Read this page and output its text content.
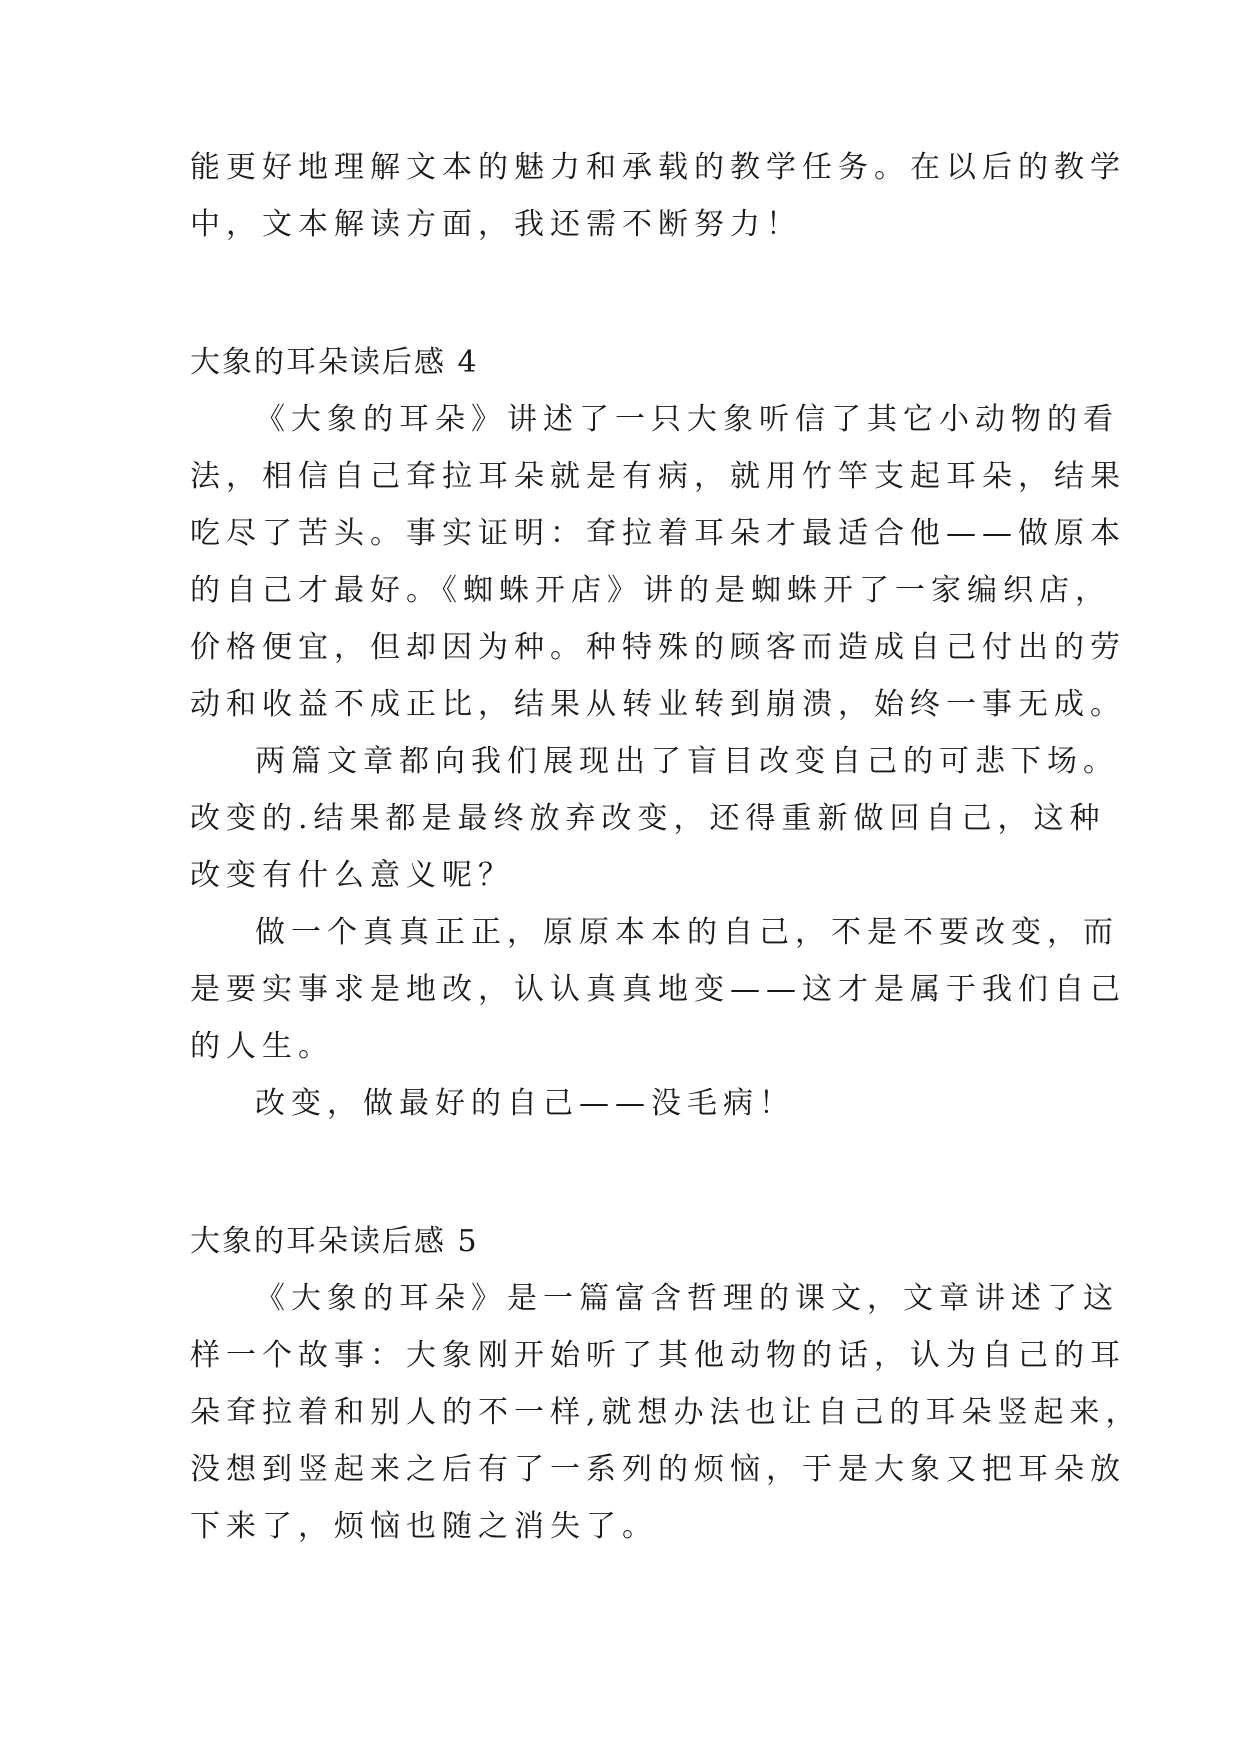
能更好地理解文本的魅力和承载的教学任务。在以后的教学
中，文本解读方面，我还需不断努力！
大象的耳朵读后感 4
《大象的耳朵》讲述了一只大象听信了其它小动物的看
法，相信自己耷拉耳朵就是有病，就用竹竿支起耳朵，结果
吃尽了苦头。事实证明：耷拉着耳朵才最适合他——做原本
的自己才最好。《蜘蛛开店》讲的是蜘蛛开了一家编织店，
价格便宜，但却因为种。种特殊的顾客而造成自己付出的劳
动和收益不成正比，结果从转业转到崩溃，始终一事无成。
两篇文章都向我们展现出了盲目改变自己的可悲下场。
改变的.结果都是最终放弃改变，还得重新做回自己，这种
改变有什么意义呢？
做一个真真正正，原原本本的自己，不是不要改变，而
是要实事求是地改，认认真真地变——这才是属于我们自己
的人生。
改变，做最好的自己——没毛病！
大象的耳朵读后感 5
《大象的耳朵》是一篇富含哲理的课文，文章讲述了这
样一个故事：大象刚开始听了其他动物的话，认为自己的耳
朵耷拉着和别人的不一样,就想办法也让自己的耳朵竖起来，
没想到竖起来之后有了一系列的烦恼，于是大象又把耳朵放
下来了，烦恼也随之消失了。
